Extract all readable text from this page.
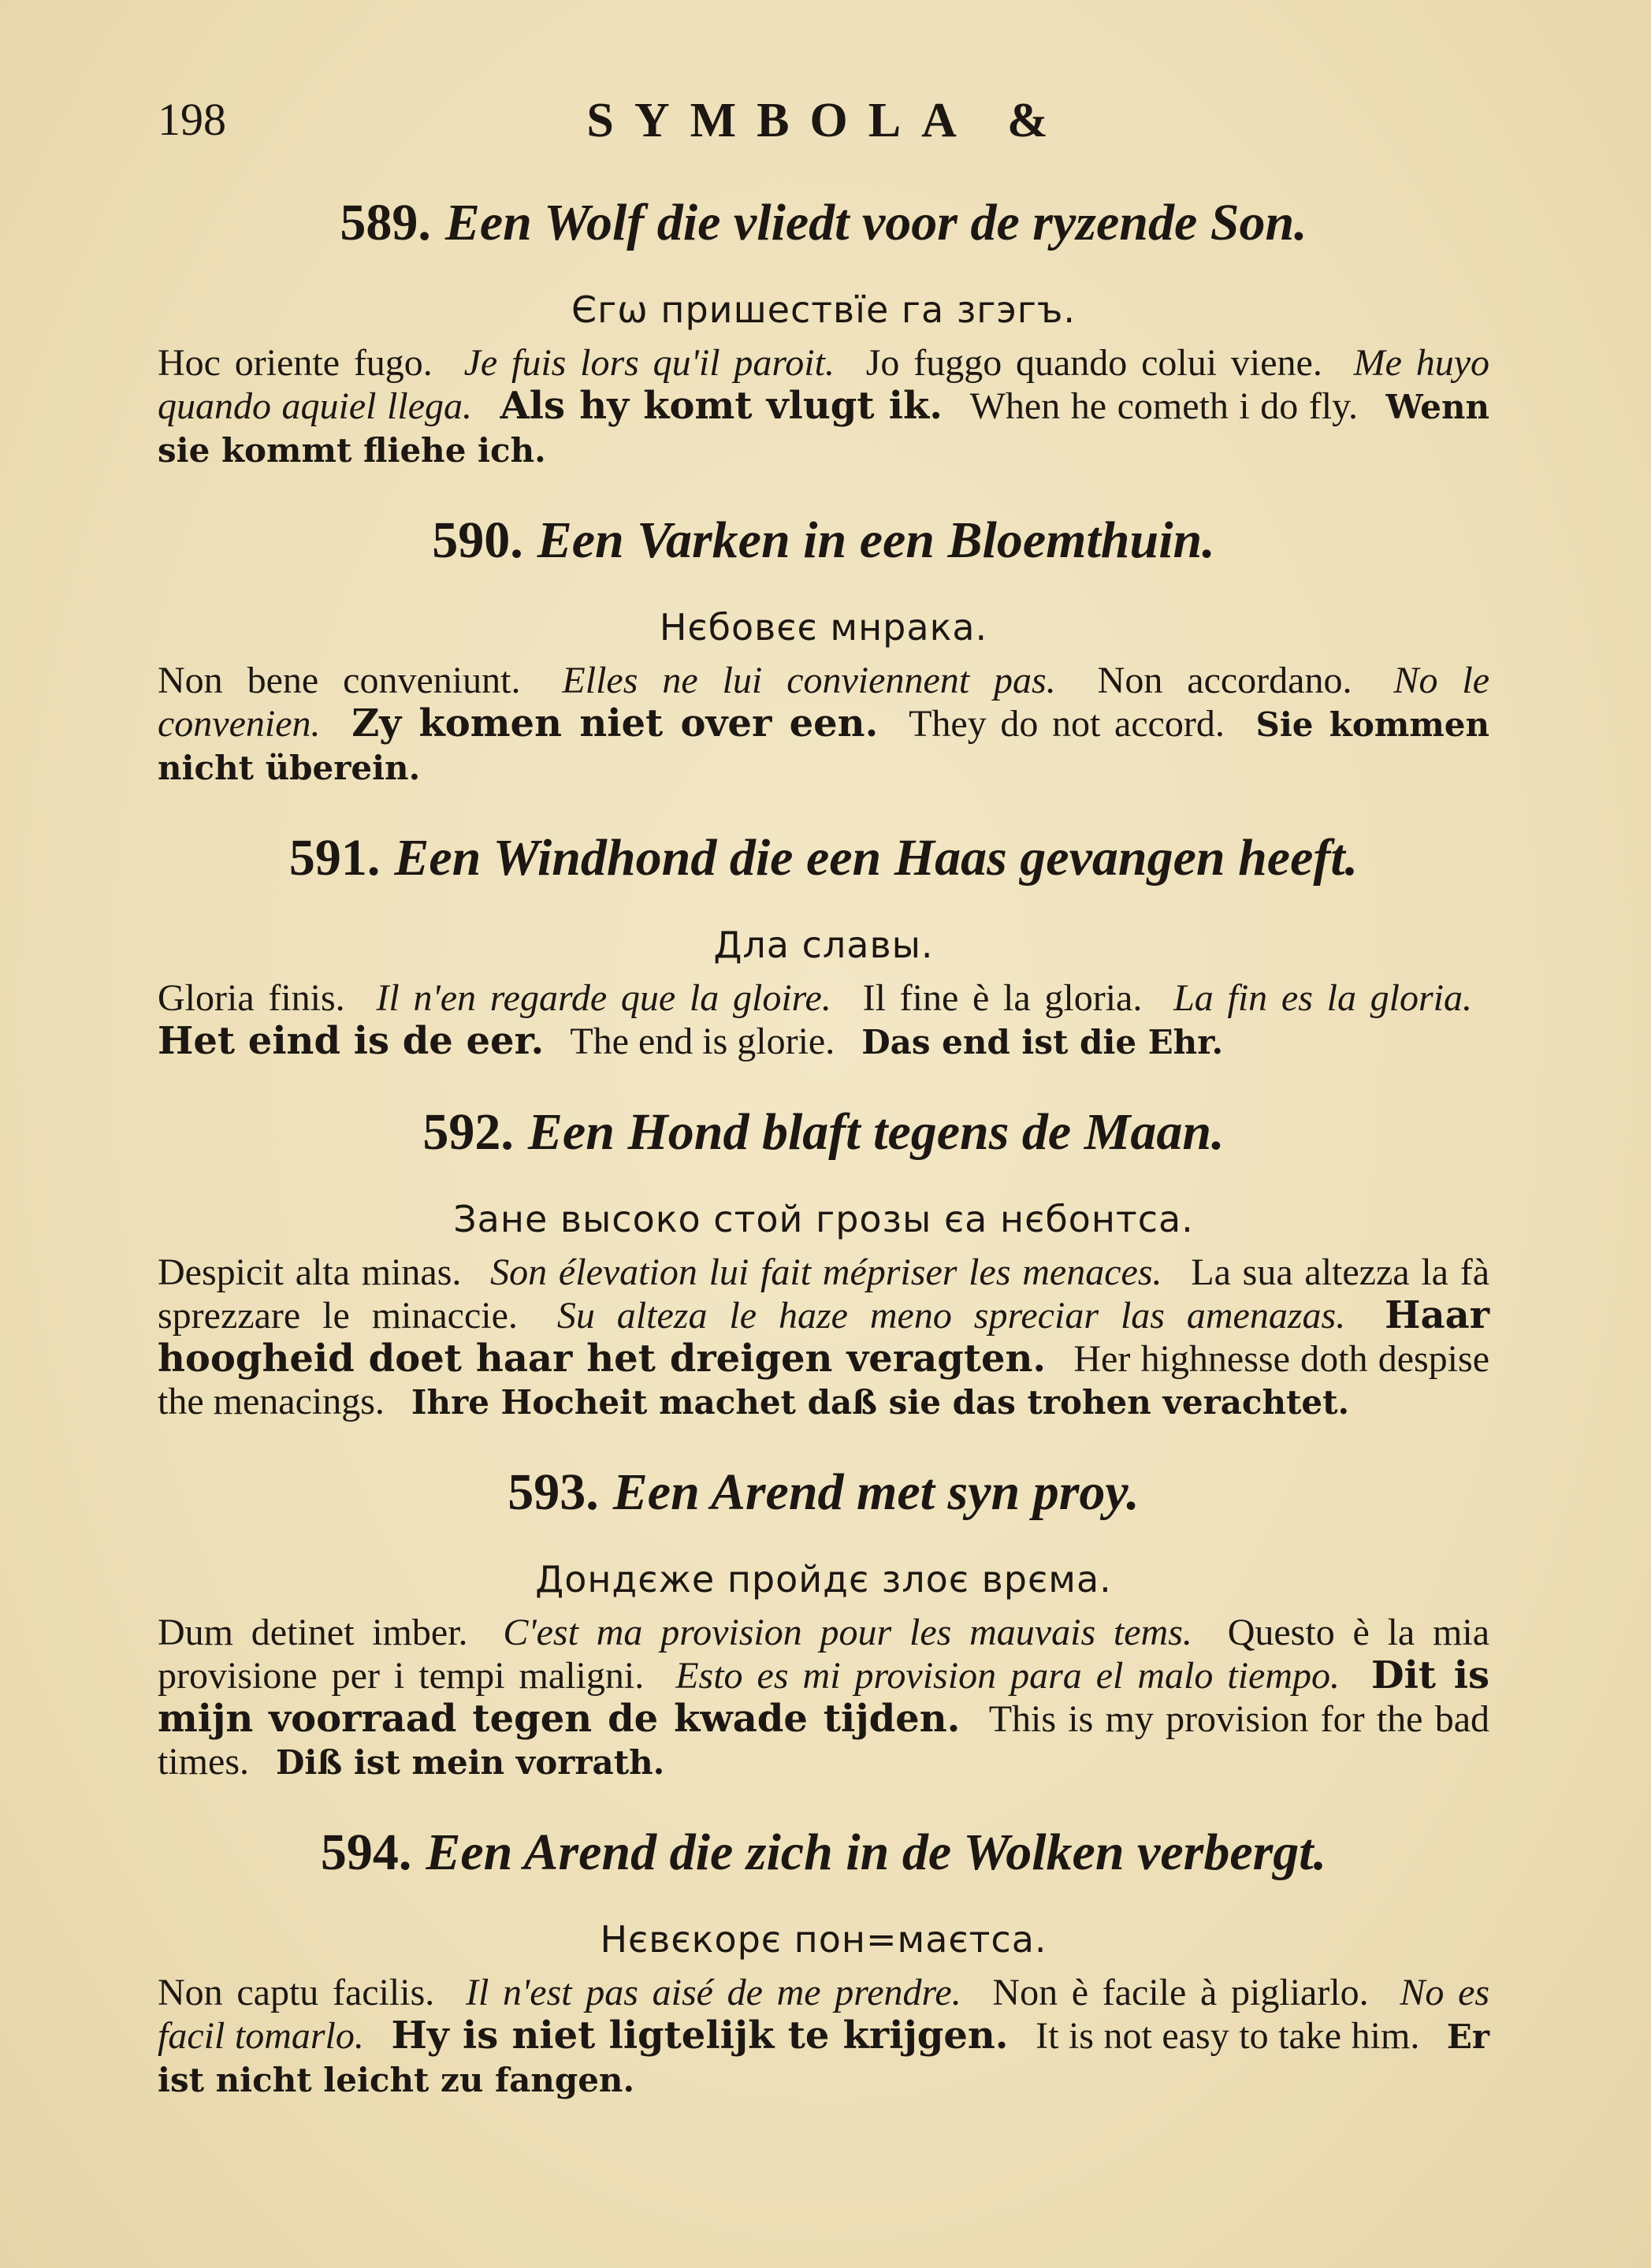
198	SYMBOLA &
589. Een Wolf die vliedt voor de ryzende Son.
Єгѡ пришествїе га згэгъ.

Hoc oriente fugo. Je fuis lors qu'il paroit. Jo fuggo quando colui viene. Me huyo quando aquiel llega. Als hy komt vlugt ik. When he cometh i do fly. Wenn sie kommt fliehe ich.

590. Een Varken in een Bloemthuin.
Нєбовєє мнрака.

Non bene conveniunt. Elles ne lui conviennent pas. Non accordano. No le convenien. Zy komen niet over een. They do not accord. Sie kommen nicht überein.

591. Een Windhond die een Haas gevangen heeft.
Дла славы.

Gloria finis. Il n'en regarde que la gloire. Il fine è la gloria. La fin es la gloria. Het eind is de eer. The end is glorie. Das end ist die Ehr.

592. Een Hond blaft tegens de Maan.
Зане высоко стой грозы єа нєбонтса.

Despicit alta minas. Son élevation lui fait mépriser les menaces. La sua altezza la fà sprezzare le minaccie. Su alteza le haze meno spreciar las amenazas. Haar hoogheid doet haar het dreigen veragten. Her highnesse doth despise the menacings. Ihre Hocheit machet daß sie das trohen verachtet.

593. Een Arend met syn proy.
Дондєже пройдє злоє врєма.

Dum detinet imber. C'est ma provision pour les mauvais tems. Questo è la mia provisione per i tempi maligni. Esto es mi provision para el malo tiempo. Dit is mijn voorraad tegen de kwade tijden. This is my provision for the bad times. Diß ist mein vorrath.

594. Een Arend die zich in de Wolken verbergt.
Нєвєкорє пон=маєтса.

Non captu facilis. Il n'est pas aisé de me prendre. Non è facile à pigliarlo. No es facil tomarlo. Hy is niet ligtelijk te krijgen. It is not easy to take him. Er ist nicht leicht zu fangen.
